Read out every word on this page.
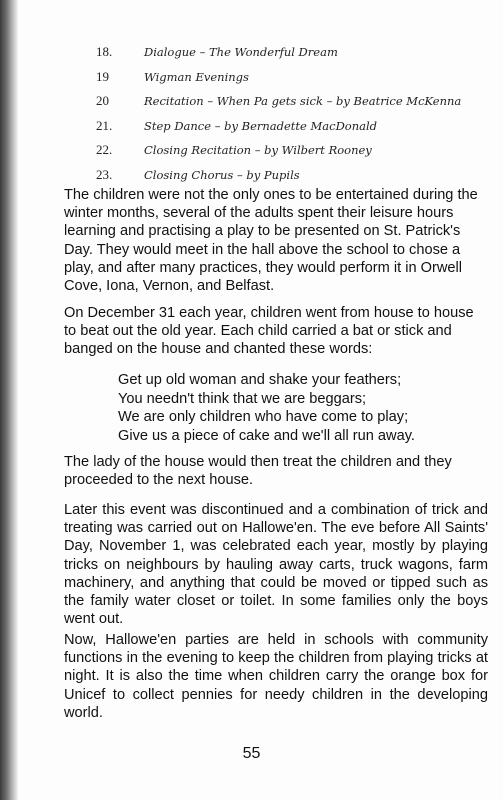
18.	Dialogue – The Wonderful Dream
19	Wigman Evenings
20	Recitation – When Pa gets sick – by Beatrice McKenna
21.	Step Dance – by Bernadette MacDonald
22.	Closing Recitation – by Wilbert Rooney
23.	Closing Chorus – by Pupils

The children were not the only ones to be entertained during the winter months, several of the adults spent their leisure hours learning and practising a play to be presented on St. Patrick's Day. They would meet in the hall above the school to chose a play, and after many practices, they would perform it in Orwell Cove, Iona, Vernon, and Belfast.

On December 31 each year, children went from house to house to beat out the old year. Each child carried a bat or stick and banged on the house and chanted these words:

Get up old woman and shake your feathers;
You needn't think that we are beggars;
We are only children who have come to play;
Give us a piece of cake and we'll all run away.

The lady of the house would then treat the children and they proceeded to the next house.

Later this event was discontinued and a combination of trick and treating was carried out on Hallowe'en. The eve before All Saints' Day, November 1, was celebrated each year, mostly by playing tricks on neighbours by hauling away carts, truck wagons, farm machinery, and anything that could be moved or tipped such as the family water closet or toilet. In some families only the boys went out.

Now, Hallowe'en parties are held in schools with community functions in the evening to keep the children from playing tricks at night. It is also the time when children carry the orange box for Unicef to collect pennies for needy children in the developing world.

55
